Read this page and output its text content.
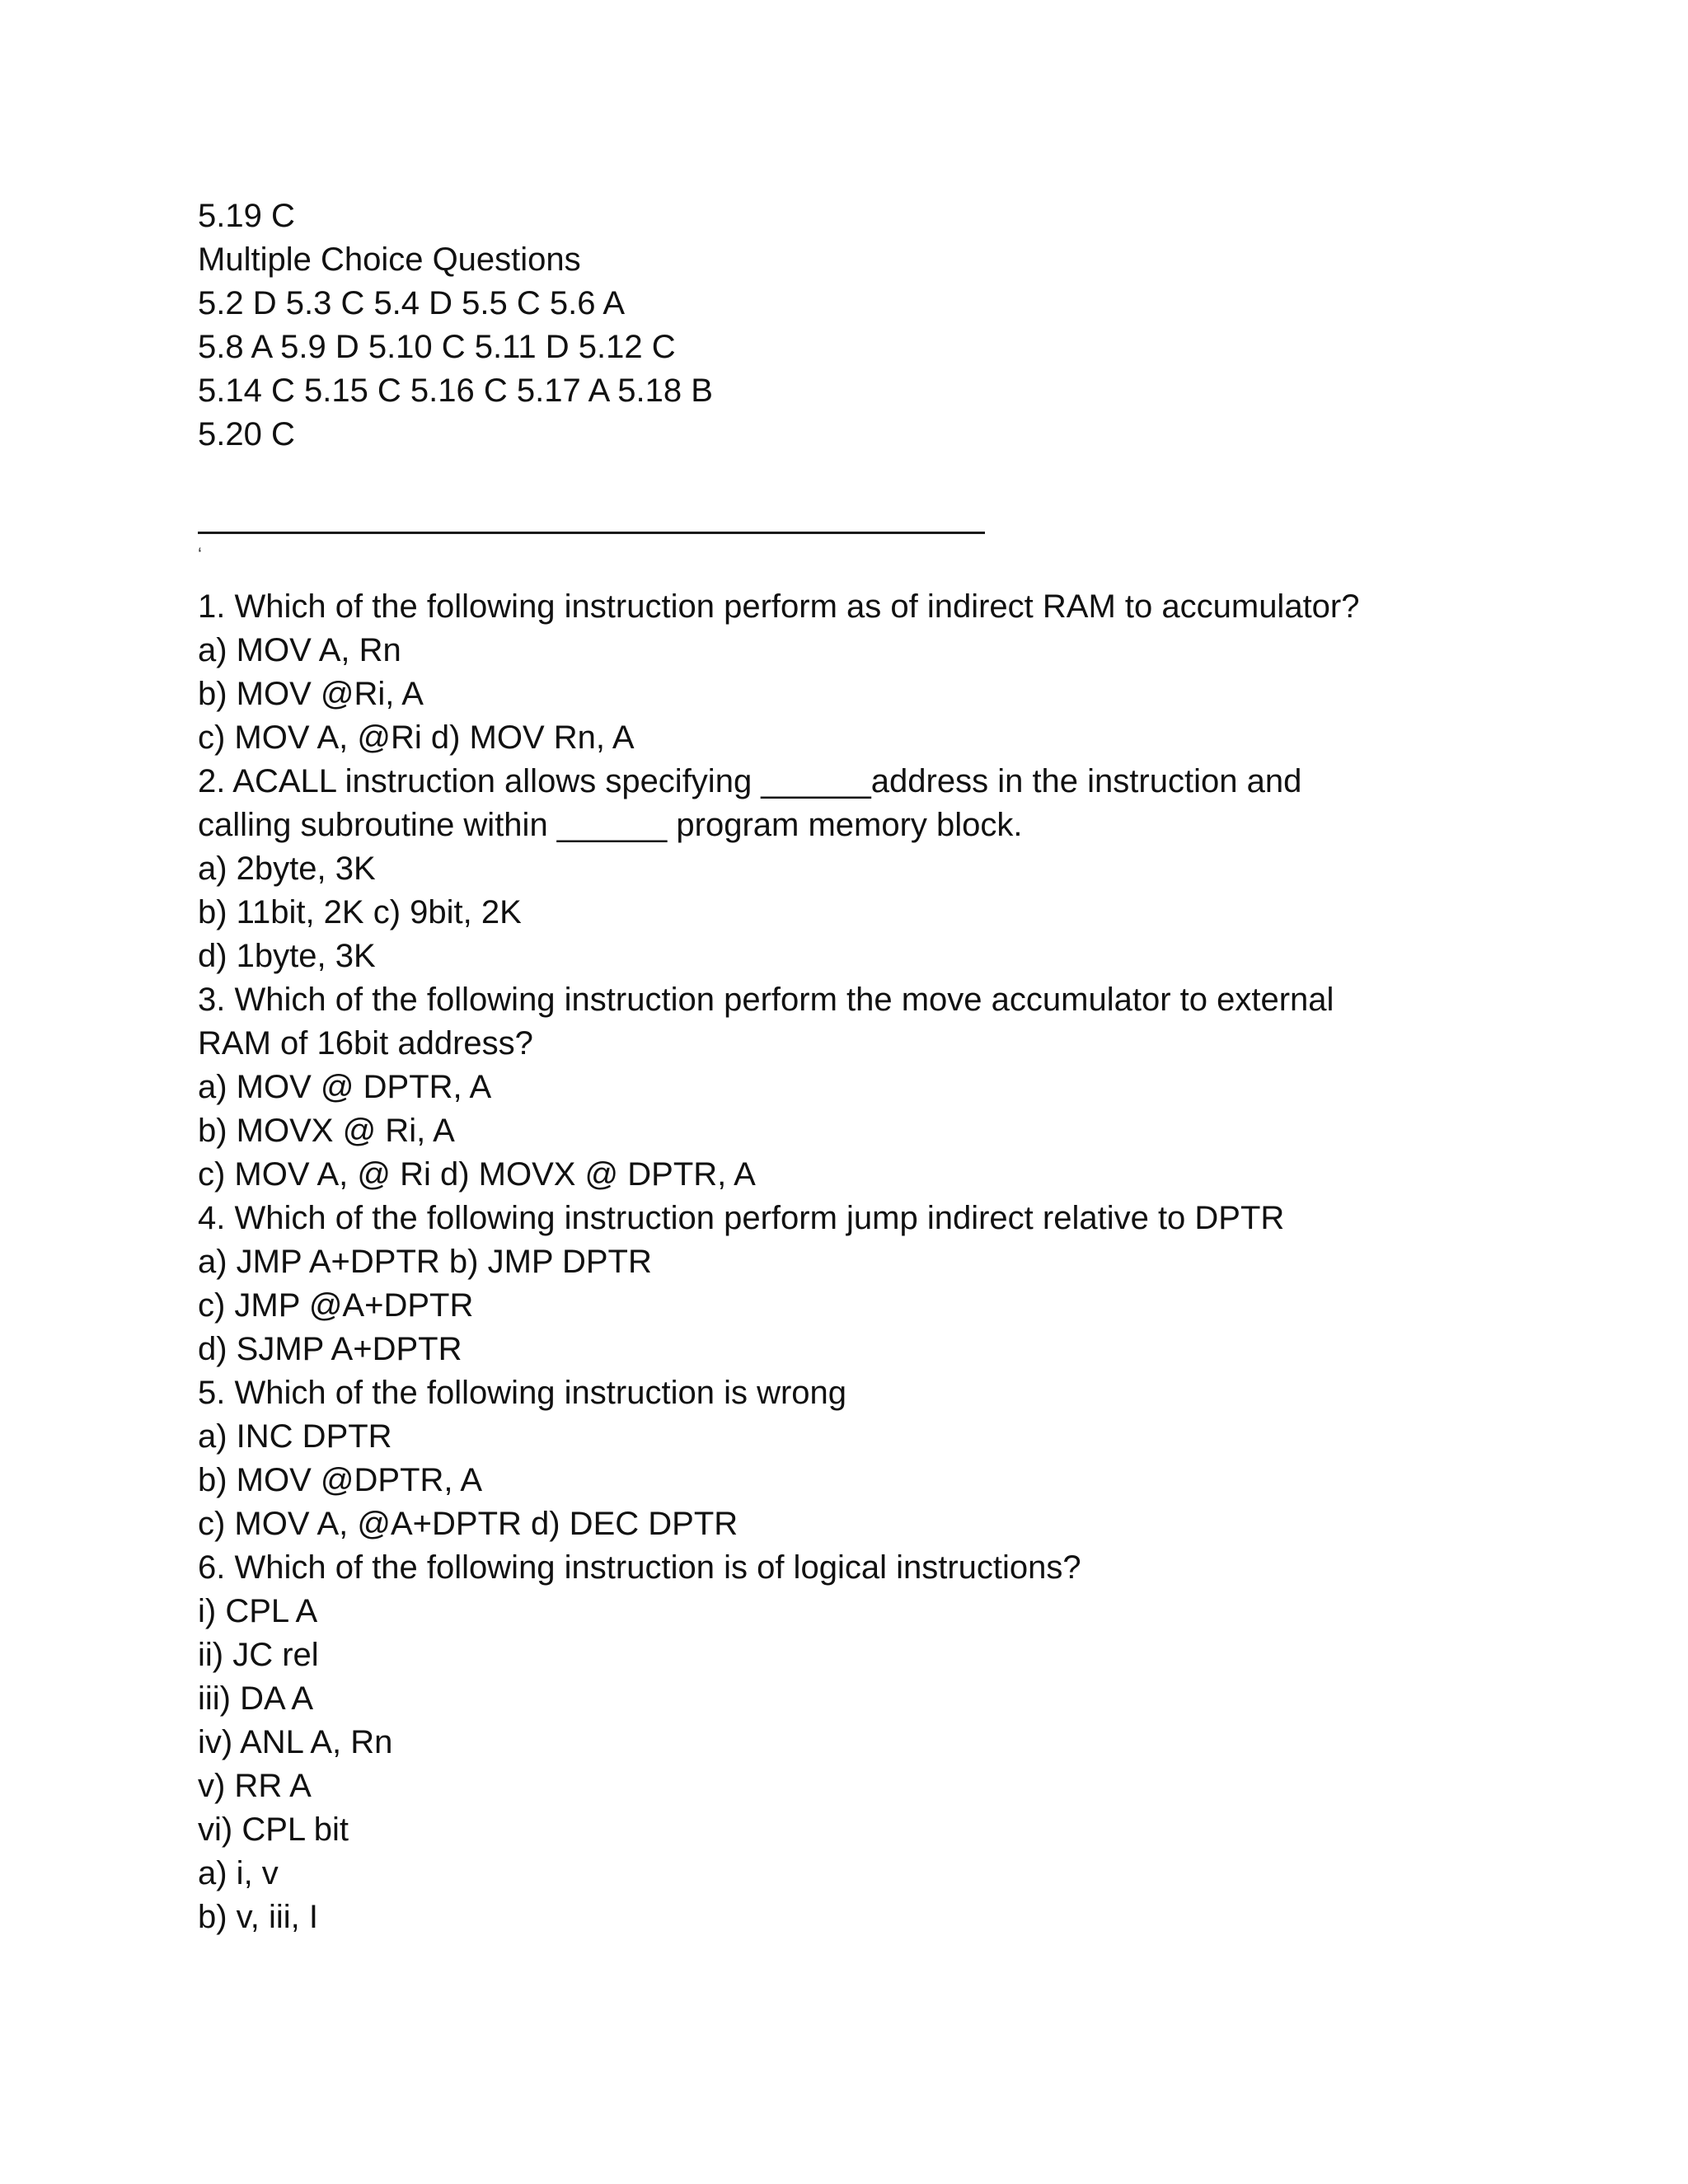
5.19 C
Multiple Choice Questions
5.2 D 5.3 C 5.4 D 5.5 C 5.6 A
5.8 A 5.9 D 5.10 C 5.11 D 5.12 C
5.14 C 5.15 C 5.16 C 5.17 A 5.18 B
5.20 C
‘
1. Which of the following instruction perform as of indirect RAM to accumulator?
a) MOV A, Rn
b) MOV @Ri, A
c) MOV A, @Ri d) MOV Rn, A
2. ACALL instruction allows specifying ______address in the instruction and
calling subroutine within ______ program memory block.
a) 2byte, 3K
b) 11bit, 2K c) 9bit, 2K
d) 1byte, 3K
3. Which of the following instruction perform the move accumulator to external
RAM of 16bit address?
a) MOV @ DPTR, A
b) MOVX @ Ri, A
c) MOV A, @ Ri d) MOVX @ DPTR, A
4. Which of the following instruction perform jump indirect relative to DPTR
a) JMP A+DPTR b) JMP DPTR
c) JMP @A+DPTR
d) SJMP A+DPTR
5. Which of the following instruction is wrong
a) INC DPTR
b) MOV @DPTR, A
c) MOV A, @A+DPTR d) DEC DPTR
6. Which of the following instruction is of logical instructions?
i) CPL A
ii) JC rel
iii) DA A
iv) ANL A, Rn
v) RR A
vi) CPL bit
a) i, v
b) v, iii, I
